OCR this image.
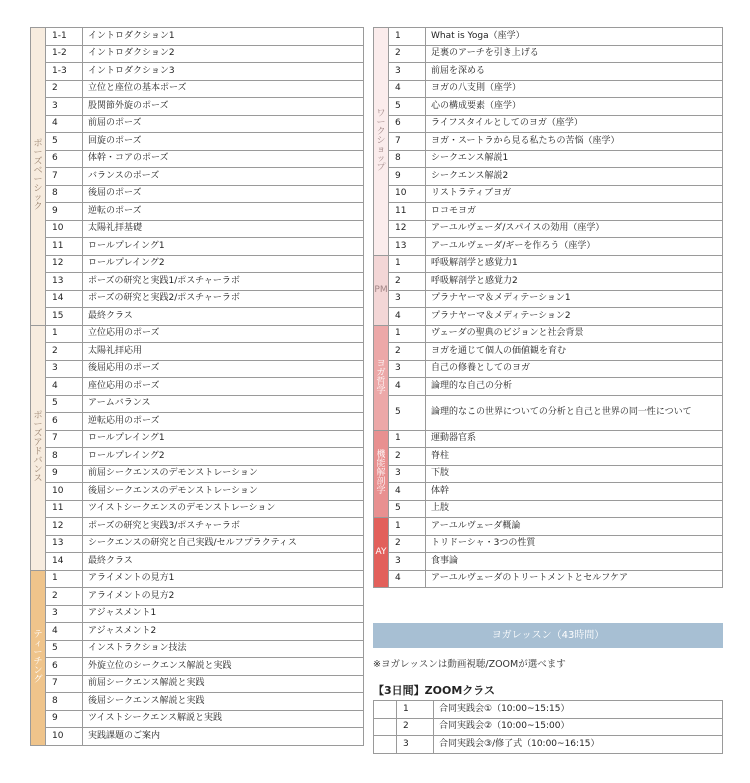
ポーズベーシック	1-1	イントロダクション1
	1-2	イントロダクション2
	1-3	イントロダクション3
	2	立位と座位の基本ポーズ
	3	股関節外旋のポーズ
	4	前屈のポーズ
	5	回旋のポーズ
	6	体幹・コアのポーズ
	7	バランスのポーズ
	8	後屈のポーズ
	9	逆転のポーズ
	10	太陽礼拝基礎
	11	ロールプレイング1
	12	ロールプレイング2
	13	ポーズの研究と実践1/ポスチャーラボ
	14	ポーズの研究と実践2/ポスチャーラボ
	15	最終クラス
ポーズアドバンス	1	立位応用のポーズ
	2	太陽礼拝応用
	3	後屈応用のポーズ
	4	座位応用のポーズ
	5	アームバランス
	6	逆転応用のポーズ
	7	ロールプレイング1
	8	ロールプレイング2
	9	前屈シークエンスのデモンストレーション
	10	後屈シークエンスのデモンストレーション
	11	ツイストシークエンスのデモンストレーション
	12	ポーズの研究と実践3/ポスチャーラボ
	13	シークエンスの研究と自己実践/セルフプラクティス
	14	最終クラス
ティーチング	1	アライメントの見方1
	2	アライメントの見方2
	3	アジャスメント1
	4	アジャスメント2
	5	インストラクション技法
	6	外旋立位のシークエンス解説と実践
	7	前屈シークエンス解説と実践
	8	後屈シークエンス解説と実践
	9	ツイストシークエンス解説と実践
	10	実践課題のご案内
ワークショップ	1	What is Yoga（座学）
	2	足裏のアーチを引き上げる
	3	前屈を深める
	4	ヨガの八支則（座学）
	5	心の構成要素（座学）
	6	ライフスタイルとしてのヨガ（座学）
	7	ヨガ・スートラから見る私たちの苦悩（座学）
	8	シークエンス解説1
	9	シークエンス解説2
	10	リストラティブヨガ
	11	ロコモヨガ
	12	アーユルヴェーダ/スパイスの効用（座学）
	13	アーユルヴェーダ/ギーを作ろう（座学）
PM	1	呼吸解剖学と感覚力1
	2	呼吸解剖学と感覚力2
	3	プラナヤーマ＆メディテーション1
	4	プラナヤーマ＆メディテーション2
ヨガ哲学	1	ヴェーダの聖典のビジョンと社会背景
	2	ヨガを通じて個人の価値観を育む
	3	自己の修養としてのヨガ
	4	論理的な自己の分析
	5	論理的なこの世界についての分析と自己と世界の同一性について
機能解剖学	1	運動器官系
	2	脊柱
	3	下肢
	4	体幹
	5	上肢
AY	1	アーユルヴェーダ概論
	2	トリドーシャ・3つの性質
	3	食事論
	4	アーユルヴェーダのトリートメントとセルフケア
ヨガレッスン（43時間）
※ヨガレッスンは動画視聴/ZOOMが選べます
【3日間】ZOOMクラス
	1	合同実践会①（10:00~15:15）
	2	合同実践会②（10:00~15:00）
	3	合同実践会③/修了式（10:00~16:15）
